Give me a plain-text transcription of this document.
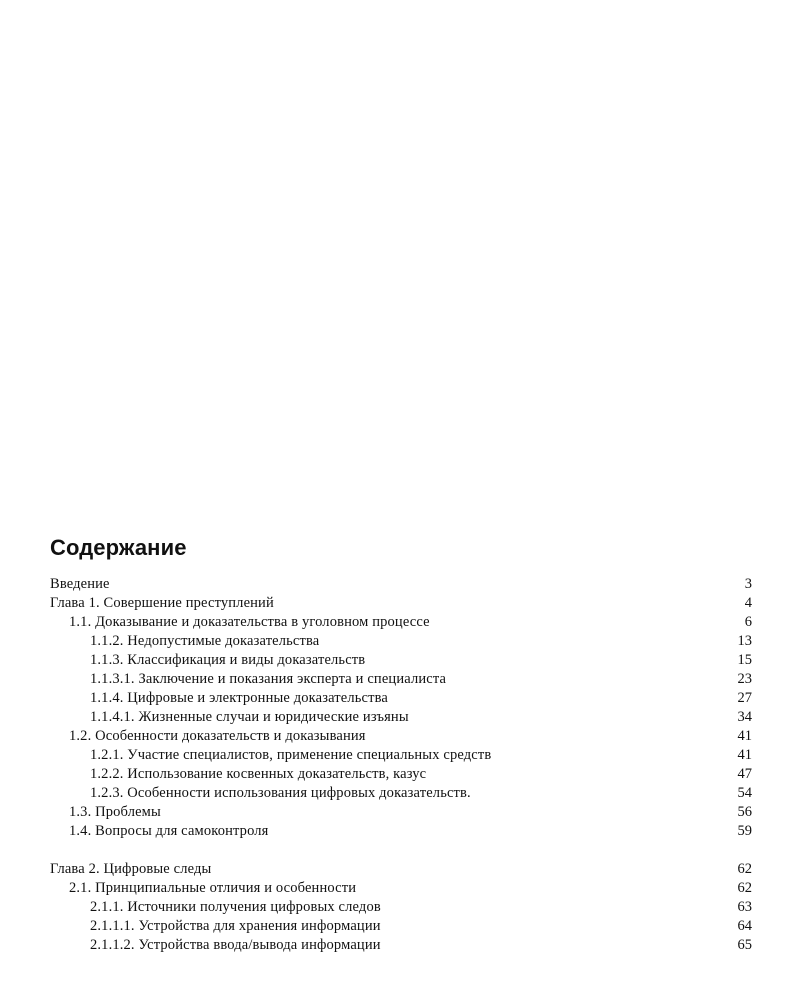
Содержание
Введение	3
Глава 1. Совершение преступлений	4
1.1. Доказывание и доказательства в уголовном процессе	6
1.1.2. Недопустимые доказательства	13
1.1.3. Классификация и виды доказательств	15
1.1.3.1. Заключение и показания эксперта и специалиста	23
1.1.4. Цифровые и электронные доказательства	27
1.1.4.1. Жизненные случаи и юридические изъяны	34
1.2. Особенности доказательств и доказывания	41
1.2.1. Участие специалистов, применение специальных средств	41
1.2.2. Использование косвенных доказательств, казус	47
1.2.3. Особенности использования цифровых доказательств.	54
1.3. Проблемы	56
1.4. Вопросы для самоконтроля	59
Глава 2. Цифровые следы	62
2.1. Принципиальные отличия и особенности	62
2.1.1. Источники получения цифровых следов	63
2.1.1.1. Устройства для хранения информации	64
2.1.1.2. Устройства ввода/вывода информации	65
